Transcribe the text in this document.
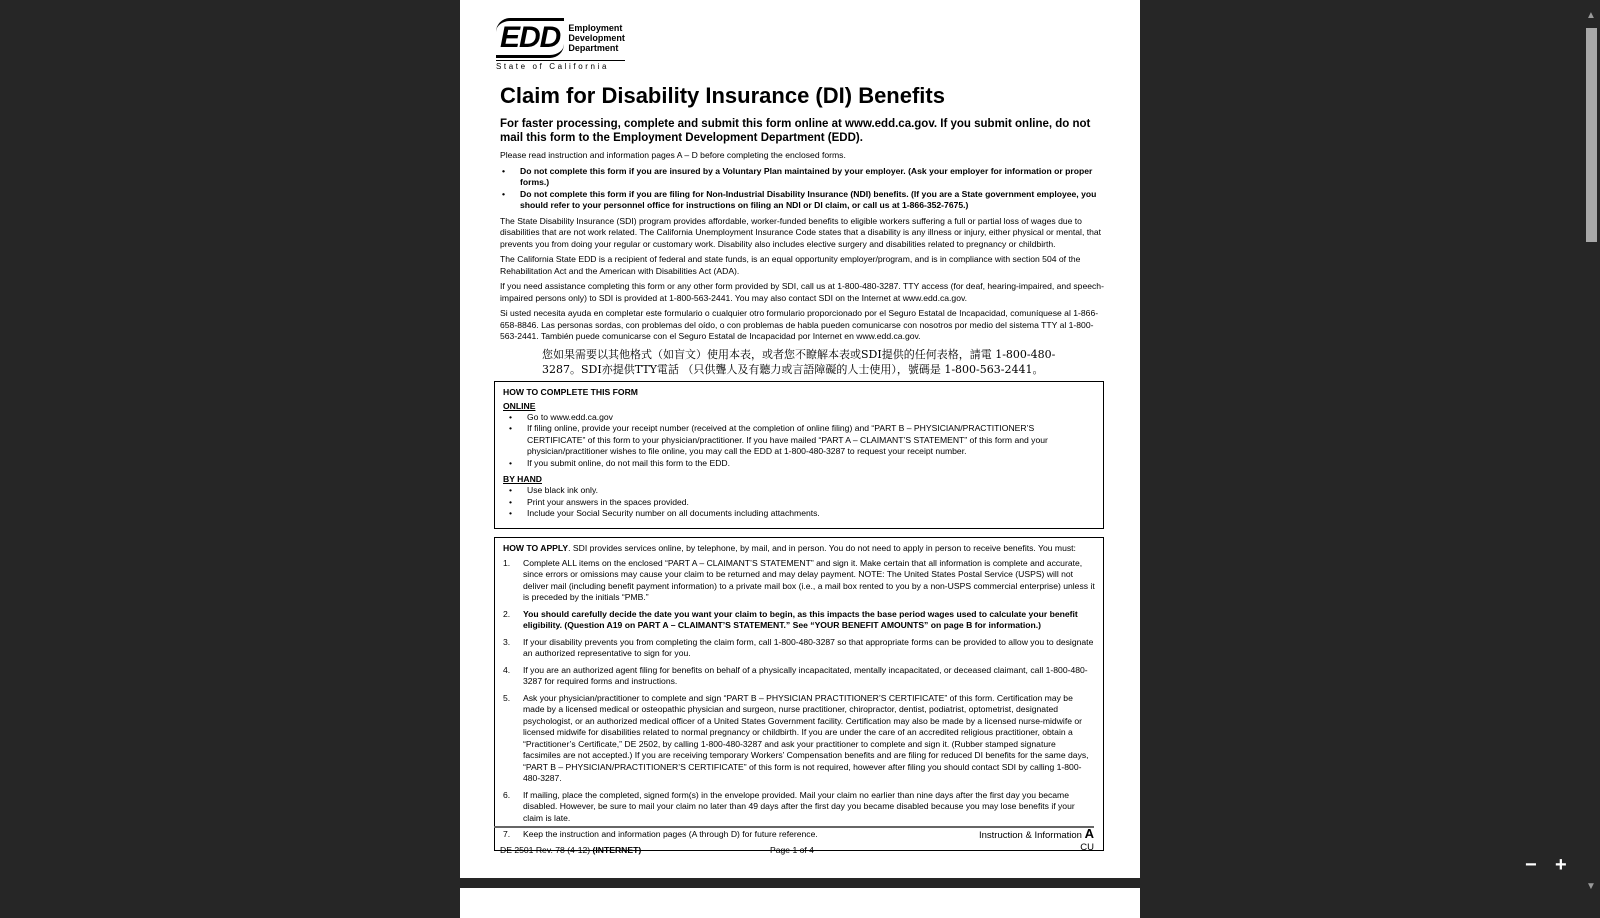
EDD Employment
Development
Department
State of California
Claim for Disability Insurance (DI) Benefits
For faster processing, complete and submit this form online at www.edd.ca.gov. If you submit online, do not mail this form to the Employment Development Department (EDD).

Please read instruction and information pages A – D before completing the enclosed forms.

• Do not complete this form if you are insured by a Voluntary Plan maintained by your employer. (Ask your employer for information or proper forms.)
• Do not complete this form if you are filing for Non-Industrial Disability Insurance (NDI) benefits. (If you are a State government employee, you should refer to your personnel office for instructions on filing an NDI or DI claim, or call us at 1-866-352-7675.)

The State Disability Insurance (SDI) program provides affordable, worker-funded benefits to eligible workers suffering a full or partial loss of wages due to disabilities that are not work related. The California Unemployment Insurance Code states that a disability is any illness or injury, either physical or mental, that prevents you from doing your regular or customary work. Disability also includes elective surgery and disabilities related to pregnancy or childbirth.

The California State EDD is a recipient of federal and state funds, is an equal opportunity employer/program, and is in compliance with section 504 of the Rehabilitation Act and the American with Disabilities Act (ADA).

If you need assistance completing this form or any other form provided by SDI, call us at 1-800-480-3287. TTY access (for deaf, hearing-impaired, and speech-impaired persons only) to SDI is provided at 1-800-563-2441. You may also contact SDI on the Internet at www.edd.ca.gov.

Si usted necesita ayuda en completar este formulario o cualquier otro formulario proporcionado por el Seguro Estatal de Incapacidad, comuníquese al 1-866-658-8846. Las personas sordas, con problemas del oído, o con problemas de habla pueden comunicarse con nosotros por medio del sistema TTY al 1-800-563-2441. También puede comunicarse con el Seguro Estatal de Incapacidad por Internet en www.edd.ca.gov.

您如果需要以其他格式（如盲文）使用本表，或者您不瞭解本表或SDI提供的任何表格，請電 1-800-480-3287。SDI亦提供TTY電話 （只供聾人及有聽力或言語障礙的人士使用），號碼是 1-800-563-2441。
HOW TO COMPLETE THIS FORM
ONLINE
• Go to www.edd.ca.gov
• If filing online, provide your receipt number (received at the completion of online filing) and “PART B – PHYSICIAN/PRACTITIONER’S CERTIFICATE” of this form to your physician/practitioner. If you have mailed “PART A – CLAIMANT’S STATEMENT” of this form and your physician/practitioner wishes to file online, you may call the EDD at 1-800-480-3287 to request your receipt number.
• If you submit online, do not mail this form to the EDD.
BY HAND
• Use black ink only.
• Print your answers in the spaces provided.
• Include your Social Security number on all documents including attachments.
HOW TO APPLY. SDI provides services online, by telephone, by mail, and in person. You do not need to apply in person to receive benefits. You must:
1. Complete ALL items on the enclosed “PART A – CLAIMANT’S STATEMENT” and sign it. Make certain that all information is complete and accurate, since errors or omissions may cause your claim to be returned and may delay payment. NOTE: The United States Postal Service (USPS) will not deliver mail (including benefit payment information) to a private mail box (i.e., a mail box rented to you by a non-USPS commercial enterprise) unless it is preceded by the initials “PMB.”
2. You should carefully decide the date you want your claim to begin, as this impacts the base period wages used to calculate your benefit eligibility. (Question A19 on PART A – CLAIMANT’S STATEMENT.” See “YOUR BENEFIT AMOUNTS” on page B for information.)
3. If your disability prevents you from completing the claim form, call 1-800-480-3287 so that appropriate forms can be provided to allow you to designate an authorized representative to sign for you.
4. If you are an authorized agent filing for benefits on behalf of a physically incapacitated, mentally incapacitated, or deceased claimant, call 1-800-480-3287 for required forms and instructions.
5. Ask your physician/practitioner to complete and sign “PART B – PHYSICIAN PRACTITIONER’S CERTIFICATE” of this form. Certification may be made by a licensed medical or osteopathic physician and surgeon, nurse practitioner, chiropractor, dentist, podiatrist, optometrist, designated psychologist, or an authorized medical officer of a United States Government facility. Certification may also be made by a licensed nurse-midwife or licensed midwife for disabilities related to normal pregnancy or childbirth. If you are under the care of an accredited religious practitioner, obtain a “Practitioner’s Certificate,” DE 2502, by calling 1-800-480-3287 and ask your practitioner to complete and sign it. (Rubber stamped signature facsimiles are not accepted.) If you are receiving temporary Workers’ Compensation benefits and are filing for reduced DI benefits for the same days, “PART B – PHYSICIAN/PRACTITIONER’S CERTIFICATE” of this form is not required, however after filing you should contact SDI by calling 1-800-480-3287.
6. If mailing, place the completed, signed form(s) in the envelope provided. Mail your claim no earlier than nine days after the first day you became disabled. However, be sure to mail your claim no later than 49 days after the first day you became disabled because you may lose benefits if your claim is late.
7. Keep the instruction and information pages (A through D) for future reference.
DE 2501 Rev. 78 (4-12) (INTERNET)	Page 1 of 4
Instruction & Information A
CU
− +
▲
▼
